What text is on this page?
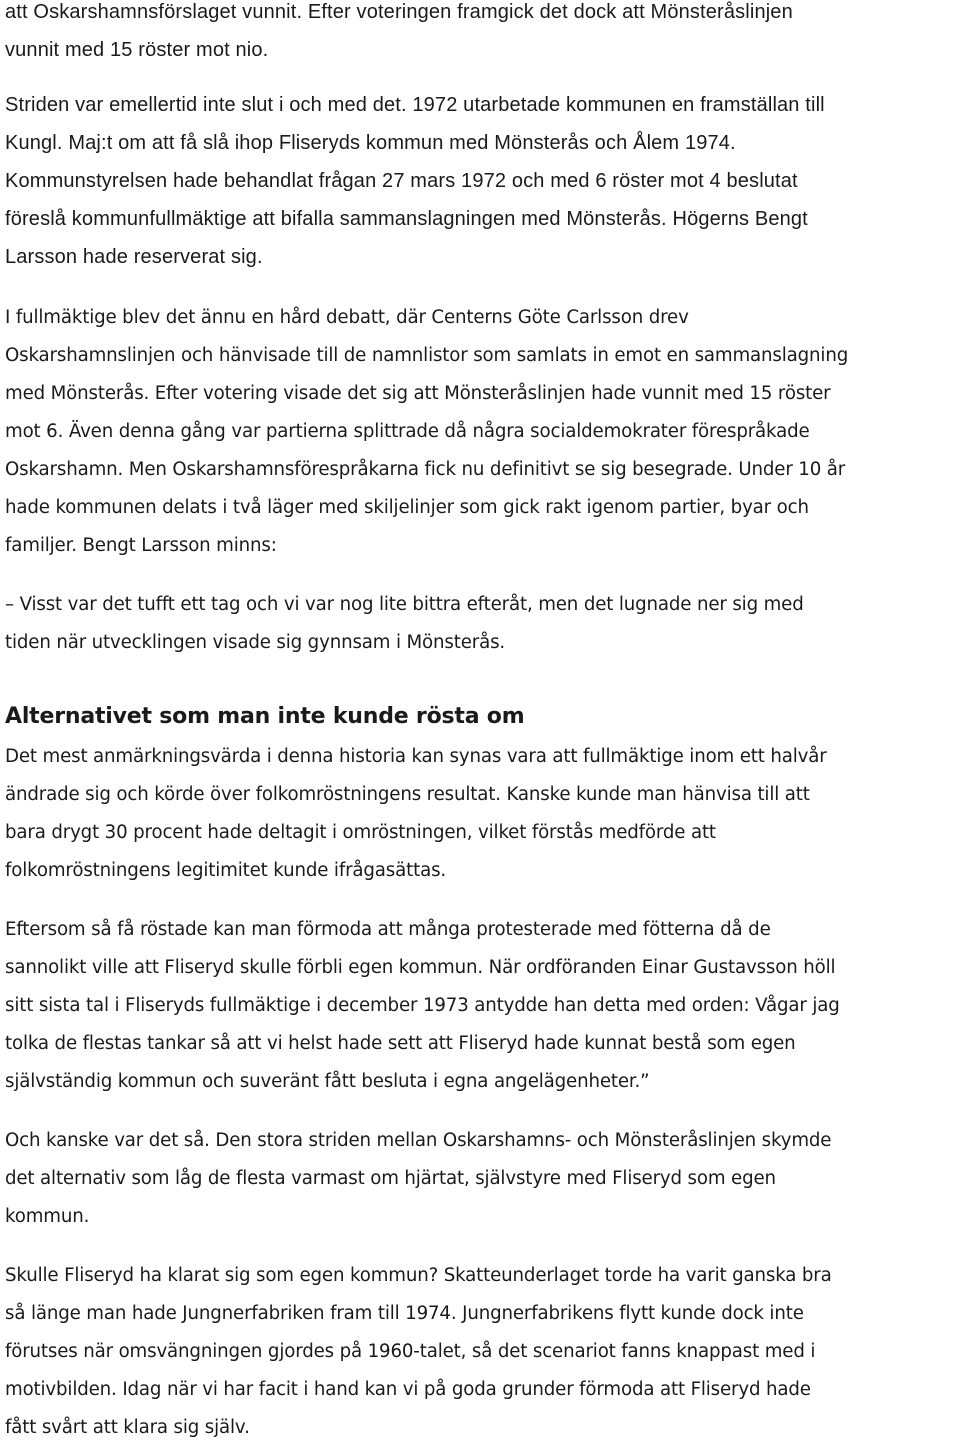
att Oskarshamnsförslaget vunnit. Efter voteringen framgick det dock att Mönsteråslinjen
vunnit med 15 röster mot nio.

Striden var emellertid inte slut i och med det. 1972 utarbetade kommunen en framställan till
Kungl. Maj:t om att få slå ihop Fliseryds kommun med Mönsterås och Ålem 1974.
Kommunstyrelsen hade behandlat frågan 27 mars 1972 och med 6 röster mot 4 beslutat
föreslå kommunfullmäktige att bifalla sammanslagningen med Mönsterås. Högerns Bengt
Larsson hade reserverat sig.

I fullmäktige blev det ännu en hård debatt, där Centerns Göte Carlsson drev
Oskarshamnslinjen och hänvisade till de namnlistor som samlats in emot en sammanslagning
med Mönsterås. Efter votering visade det sig att Mönsteråslinjen hade vunnit med 15 röster
mot 6. Även denna gång var partierna splittrade då några socialdemokrater förespråkade
Oskarshamn. Men Oskarshamnsförespråkarna fick nu definitivt se sig besegrade. Under 10 år
hade kommunen delats i två läger med skiljelinjer som gick rakt igenom partier, byar och
familjer. Bengt Larsson minns:

– Visst var det tufft ett tag och vi var nog lite bittra efteråt, men det lugnade ner sig med
tiden när utvecklingen visade sig gynnsam i Mönsterås.

Alternativet som man inte kunde rösta om

Det mest anmärkningsvärda i denna historia kan synas vara att fullmäktige inom ett halvår
ändrade sig och körde över folkomröstningens resultat. Kanske kunde man hänvisa till att
bara drygt 30 procent hade deltagit i omröstningen, vilket förstås medförde att
folkomröstningens legitimitet kunde ifrågasättas.

Eftersom så få röstade kan man förmoda att många protesterade med fötterna då de
sannolikt ville att Fliseryd skulle förbli egen kommun. När ordföranden Einar Gustavsson höll
sitt sista tal i Fliseryds fullmäktige i december 1973 antydde han detta med orden: Vågar jag
tolka de flestas tankar så att vi helst hade sett att Fliseryd hade kunnat bestå som egen
självständig kommun och suveränt fått besluta i egna angelägenheter.”

Och kanske var det så. Den stora striden mellan Oskarshamns- och Mönsteråslinjen skymde
det alternativ som låg de flesta varmast om hjärtat, självstyre med Fliseryd som egen
kommun.

Skulle Fliseryd ha klarat sig som egen kommun? Skatteunderlaget torde ha varit ganska bra
så länge man hade Jungnerfabriken fram till 1974. Jungnerfabrikens flytt kunde dock inte
förutses när omsvängningen gjordes på 1960-talet, så det scenariot fanns knappast med i
motivbilden. Idag när vi har facit i hand kan vi på goda grunder förmoda att Fliseryd hade
fått svårt att klara sig själv.
